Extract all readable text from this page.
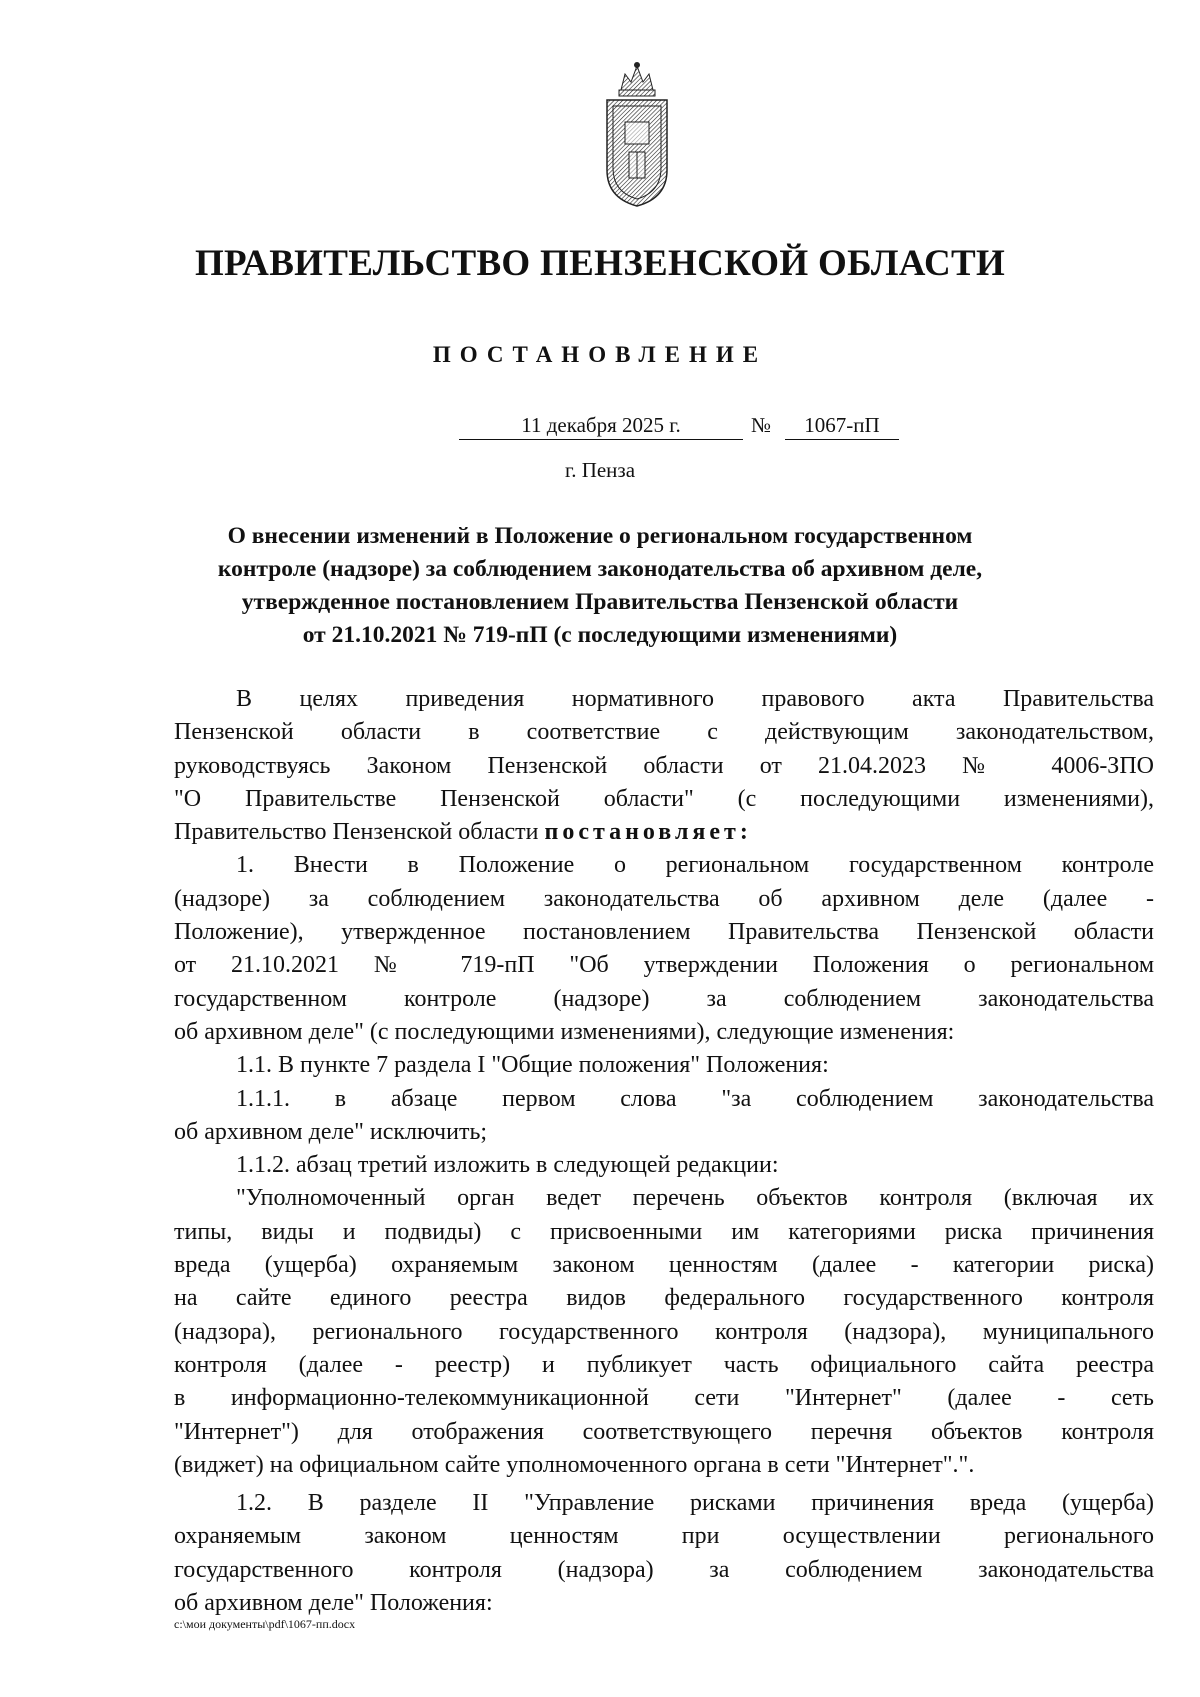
ПРАВИТЕЛЬСТВО ПЕНЗЕНСКОЙ ОБЛАСТИ
ПОСТАНОВЛЕНИЕ
11 декабря 2025 г.	№	1067-пП
г. Пенза
О внесении изменений в Положение о региональном государственном
контроле (надзоре) за соблюдением законодательства об архивном деле,
утвержденное постановлением Правительства Пензенской области
от 21.10.2021 № 719-пП (с последующими изменениями)
В целях приведения нормативного правового акта Правительства
Пензенской области в соответствие с действующим законодательством,
руководствуясь Законом Пензенской области от 21.04.2023 № 4006-ЗПО
"О Правительстве Пензенской области" (с последующими изменениями),
Правительство Пензенской области постановляет:
1. Внести в Положение о региональном государственном контроле
(надзоре) за соблюдением законодательства об архивном деле (далее -
Положение), утвержденное постановлением Правительства Пензенской области
от 21.10.2021 № 719-пП "Об утверждении Положения о региональном
государственном контроле (надзоре) за соблюдением законодательства
об архивном деле" (с последующими изменениями), следующие изменения:
1.1. В пункте 7 раздела I "Общие положения" Положения:
1.1.1. в абзаце первом слова "за соблюдением законодательства
об архивном деле" исключить;
1.1.2. абзац третий изложить в следующей редакции:
"Уполномоченный орган ведет перечень объектов контроля (включая их
типы, виды и подвиды) с присвоенными им категориями риска причинения
вреда (ущерба) охраняемым законом ценностям (далее - категории риска)
на сайте единого реестра видов федерального государственного контроля
(надзора), регионального государственного контроля (надзора), муниципального
контроля (далее - реестр) и публикует часть официального сайта реестра
в информационно-телекоммуникационной сети "Интернет" (далее - сеть
"Интернет") для отображения соответствующего перечня объектов контроля
(виджет) на официальном сайте уполномоченного органа в сети "Интернет".".
1.2. В разделе II "Управление рисками причинения вреда (ущерба)
охраняемым законом ценностям при осуществлении регионального
государственного контроля (надзора) за соблюдением законодательства
об архивном деле" Положения:
c:\мои документы\pdf\1067-пп.docx
